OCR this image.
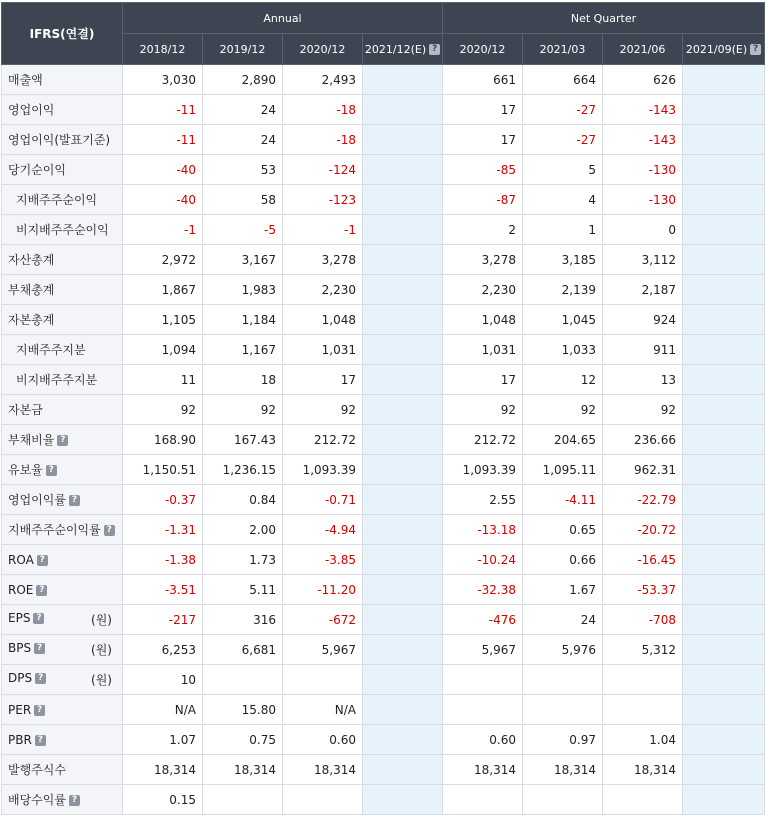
IFRS(연결)	Annual				Net Quarter			
	2018/12	2019/12	2020/12	2021/12(E) ?	2020/12	2021/03	2021/06	2021/09(E) ?
매출액	3,030	2,890	2,493		661	664	626	
영업이익	-11	24	-18		17	-27	-143	
영업이익(발표기준)	-11	24	-18		17	-27	-143	
당기순이익	-40	53	-124		-85	5	-130	
지배주주순이익	-40	58	-123		-87	4	-130	
비지배주주순이익	-1	-5	-1		2	1	0	
자산총계	2,972	3,167	3,278		3,278	3,185	3,112	
부채총계	1,867	1,983	2,230		2,230	2,139	2,187	
자본총계	1,105	1,184	1,048		1,048	1,045	924	
지배주주지분	1,094	1,167	1,031		1,031	1,033	911	
비지배주주지분	11	18	17		17	12	13	
자본금	92	92	92		92	92	92	
부채비율 ?	168.90	167.43	212.72		212.72	204.65	236.66	
유보율 ?	1,150.51	1,236.15	1,093.39		1,093.39	1,095.11	962.31	
영업이익률 ?	-0.37	0.84	-0.71		2.55	-4.11	-22.79	
지배주주순이익률 ?	-1.31	2.00	-4.94		-13.18	0.65	-20.72	
ROA ?	-1.38	1.73	-3.85		-10.24	0.66	-16.45	
ROE ?	-3.51	5.11	-11.20		-32.38	1.67	-53.37	
EPS ? (원)	-217	316	-672		-476	24	-708	
BPS ? (원)	6,253	6,681	5,967		5,967	5,976	5,312	
DPS ? (원)	10							
PER ?	N/A	15.80	N/A					
PBR ?	1.07	0.75	0.60		0.60	0.97	1.04	
발행주식수	18,314	18,314	18,314		18,314	18,314	18,314	
배당수익률 ?	0.15							
